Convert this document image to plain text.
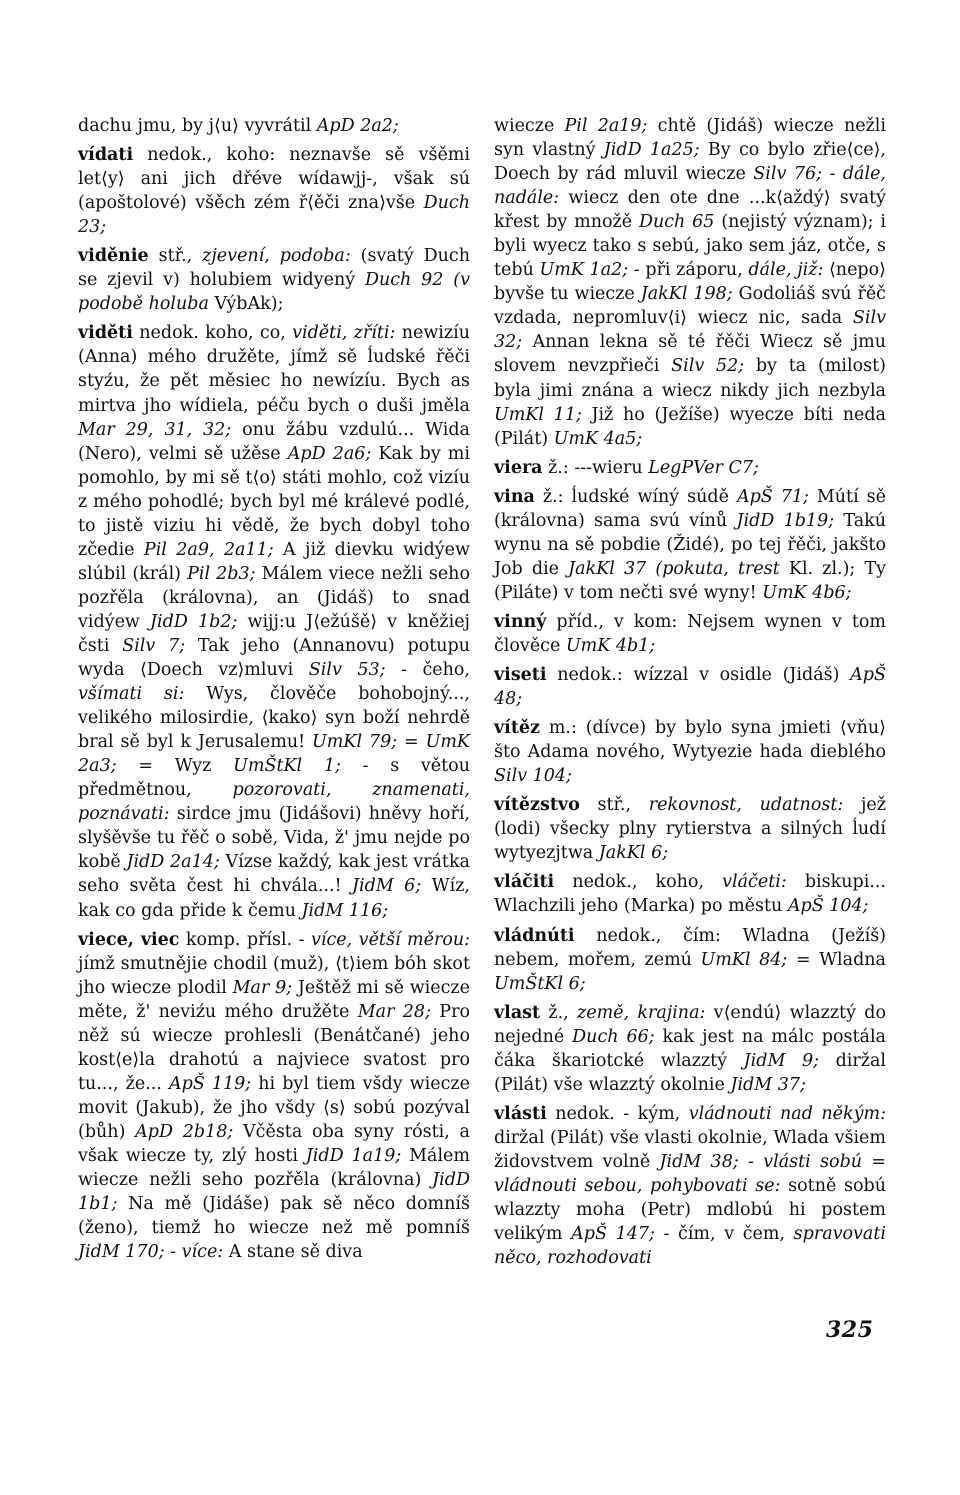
dachu jmu, by j⟨u⟩ vyvrátil ApD 2a2;

vídati nedok., koho: neznavše sě všěmi let⟨y⟩ ani jich dřéve wídawjj-, však sú (apoštolové) všěch zém ř⟨ěči zna⟩vše Duch 23;

viděnie stř., zjevení, podoba: (svatý Duch se zjevil v) holubiem widyený Duch 92 (v podobě holuba VýbAk);

viděti nedok. koho, co, viděti, zříti: newizíu (Anna) mého družěte, jímž sě ĺudské řěči styźu, že pět měsiec ho newízíu. Bych as mirtva jho wídiela, péču bych o duši jměla Mar 29, 31, 32; onu žábu vzdulú... Wida (Nero), velmi sě užěse ApD 2a6; Kak by mi pomohlo, by mi sě t⟨o⟩ státi mohlo, což vizíu z mého pohodlé; bych byl mé králevé podlé, to jistě viziu hi vědě, že bych dobyl toho zčedie Pil 2a9, 2a11; A již dievku widýew slúbil (král) Pil 2b3; Málem viece nežli seho pozřěla (královna), an (Jidáš) to snad vidýew JidD 1b2; wijj:u J⟨ežúšě⟩ v kněžiej čsti Silv 7; Tak jeho (Annanovu) potupu wyda ⟨Doech vz⟩mluvi Silv 53; - čeho, všímati si: Wys, člověče bohobojný..., velikého milosirdie, ⟨kako⟩ syn boží nehrdě bral sě byl k Jerusalemu! UmKl 79; = UmK 2a3; = Wyz UmŠtKl 1; - s větou předmětnou, pozorovati, znamenati, poznávati: sirdce jmu (Jidášovi) hněvy hoří, slyšěvše tu řěč o sobě, Vida, ž' jmu nejde po kobě JidD 2a14; Vízse každý, kak jest vrátka seho světa čest hi chvála...! JidM 6; Wíz, kak co gda přide k čemu JidM 116;

viece, viec komp. přísl. - více, větší měrou: jímž smutnějie chodil (muž), ⟨t⟩iem bóh skot jho wiecze plodil Mar 9; Ještěž mi sě wiecze měte, ž' neviźu mého družěte Mar 28; Pro něž sú wiecze prohlesli (Benátčané) jeho kost⟨e⟩la drahotú a najviece svatost pro tu..., že... ApŠ 119; hi byl tiem všdy wiecze movit (Jakub), že jho všdy ⟨s⟩ sobú pozýval (bůh) ApD 2b18; Včěsta oba syny rósti, a však wiecze ty, zlý hosti JidD 1a19; Málem wiecze nežli seho pozřěla (královna) JidD 1b1; Na mě (Jidáše) pak sě něco domníš (ženo), tiemž ho wiecze než mě pomníš JidM 170; - více: A stane sě diva

wiecze Pil 2a19; chtě (Jidáš) wiecze nežli syn vlastný JidD 1a25; By co bylo zřie⟨ce⟩, Doech by rád mluvil wiecze Silv 76; - dále, nadále: wiecz den ote dne ...k⟨aždý⟩ svatý křest by množě Duch 65 (nejistý význam); i byli wyecz tako s sebú, jako sem jáz, otče, s tebú UmK 1a2; - při záporu, dále, již: ⟨nepo⟩byvše tu wiecze JakKl 198; Godoliáš svú řěč vzdada, nepromluv⟨i⟩ wiecz nic, sada Silv 32; Annan lekna sě té řěči Wiecz sě jmu slovem nevzpřieči Silv 52; by ta (milost) byla jimi znána a wiecz nikdy jich nezbyla UmKl 11; Již ho (Ježíše) wyecze bíti neda (Pilát) UmK 4a5;

viera ž.: ---wieru LegPVer C7;

vina ž.: ĺudské wíný súdě ApŠ 71; Mútí sě (královna) sama svú vínů JidD 1b19; Takú wynu na sě pobdie (Židé), po tej řěči, jakšto Job die JakKl 37 (pokuta, trest Kl. zl.); Ty (Piláte) v tom nečti své wyny! UmK 4b6;

vinný příd., v kom: Nejsem wynen v tom člověce UmK 4b1;

viseti nedok.: wízzal v osidle (Jidáš) ApŠ 48;

vítěz m.: (dívce) by bylo syna jmieti ⟨vňu⟩što Adama nového, Wytyezie hada dieblého Silv 104;

vítězstvo stř., rekovnost, udatnost: jež (lodi) všecky plny rytierstva a silných ĺudí wytyezjtwa JakKl 6;

vláčiti nedok., koho, vláčeti: biskupi... Wlachzili jeho (Marka) po městu ApŠ 104;

vládnúti nedok., čím: Wladna (Ježíš) nebem, mořem, zemú UmKl 84; = Wladna UmŠtKl 6;

vlast ž., země, krajina: v⟨endú⟩ wlazztý do nejedné Duch 66; kak jest na málc postála čáka škariotcké wlazztý JidM 9; diržal (Pilát) vše wlazztý okolnie JidM 37;

vlásti nedok. - kým, vládnouti nad někým: diržal (Pilát) vše vlasti okolnie, Wlada všiem židovstvem volně JidM 38; - vlásti sobú = vládnouti sebou, pohybovati se: sotně sobú wlazzty moha (Petr) mdlobú hi postem velikým ApŠ 147; - čím, v čem, spravovati něco, rozhodovati

325
